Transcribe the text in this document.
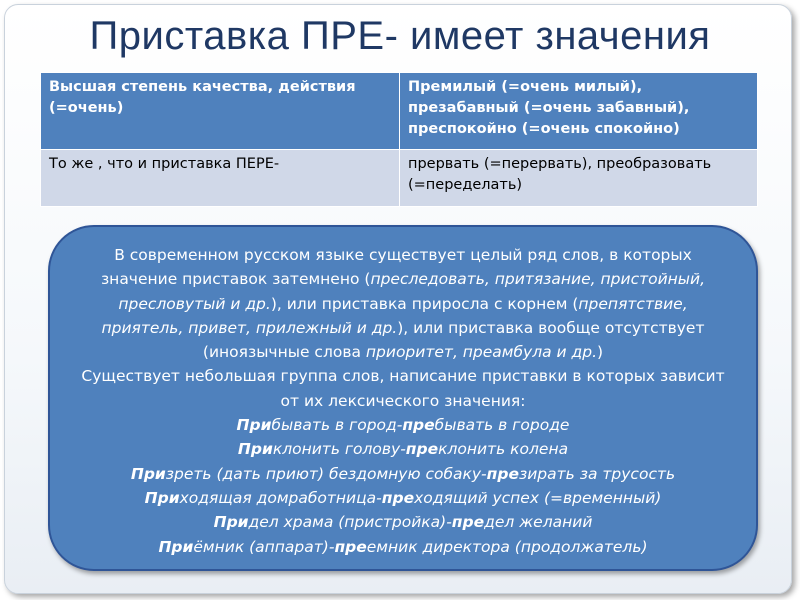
Приставка ПРЕ- имеет значения
Высшая степень качества, действия (=очень)	Премилый (=очень милый), презабавный (=очень забавный), преспокойно (=очень спокойно)
То же , что и приставка ПЕРЕ-	прервать (=перервать), преобразовать (=переделать)

В современном русском языке существует целый ряд слов, в которых значение приставок затемнено (преследовать, притязание, пристойный, пресловутый и др.), или приставка приросла с корнем (препятствие, приятель, привет, прилежный и др.), или приставка вообще отсутствует (иноязычные слова приоритет, преамбула и др.)

Существует небольшая группа слов, написание приставки в которых зависит от их лексического значения:

Прибывать в город-пребывать в городе
Приклонить голову-преклонить колена
Призреть (дать приют) бездомную собаку-презирать за трусость
Приходящая домработница-преходящий успех (=временный)
Придел храма (пристройка)-предел желаний
Приёмник (аппарат)-преемник директора (продолжатель)
